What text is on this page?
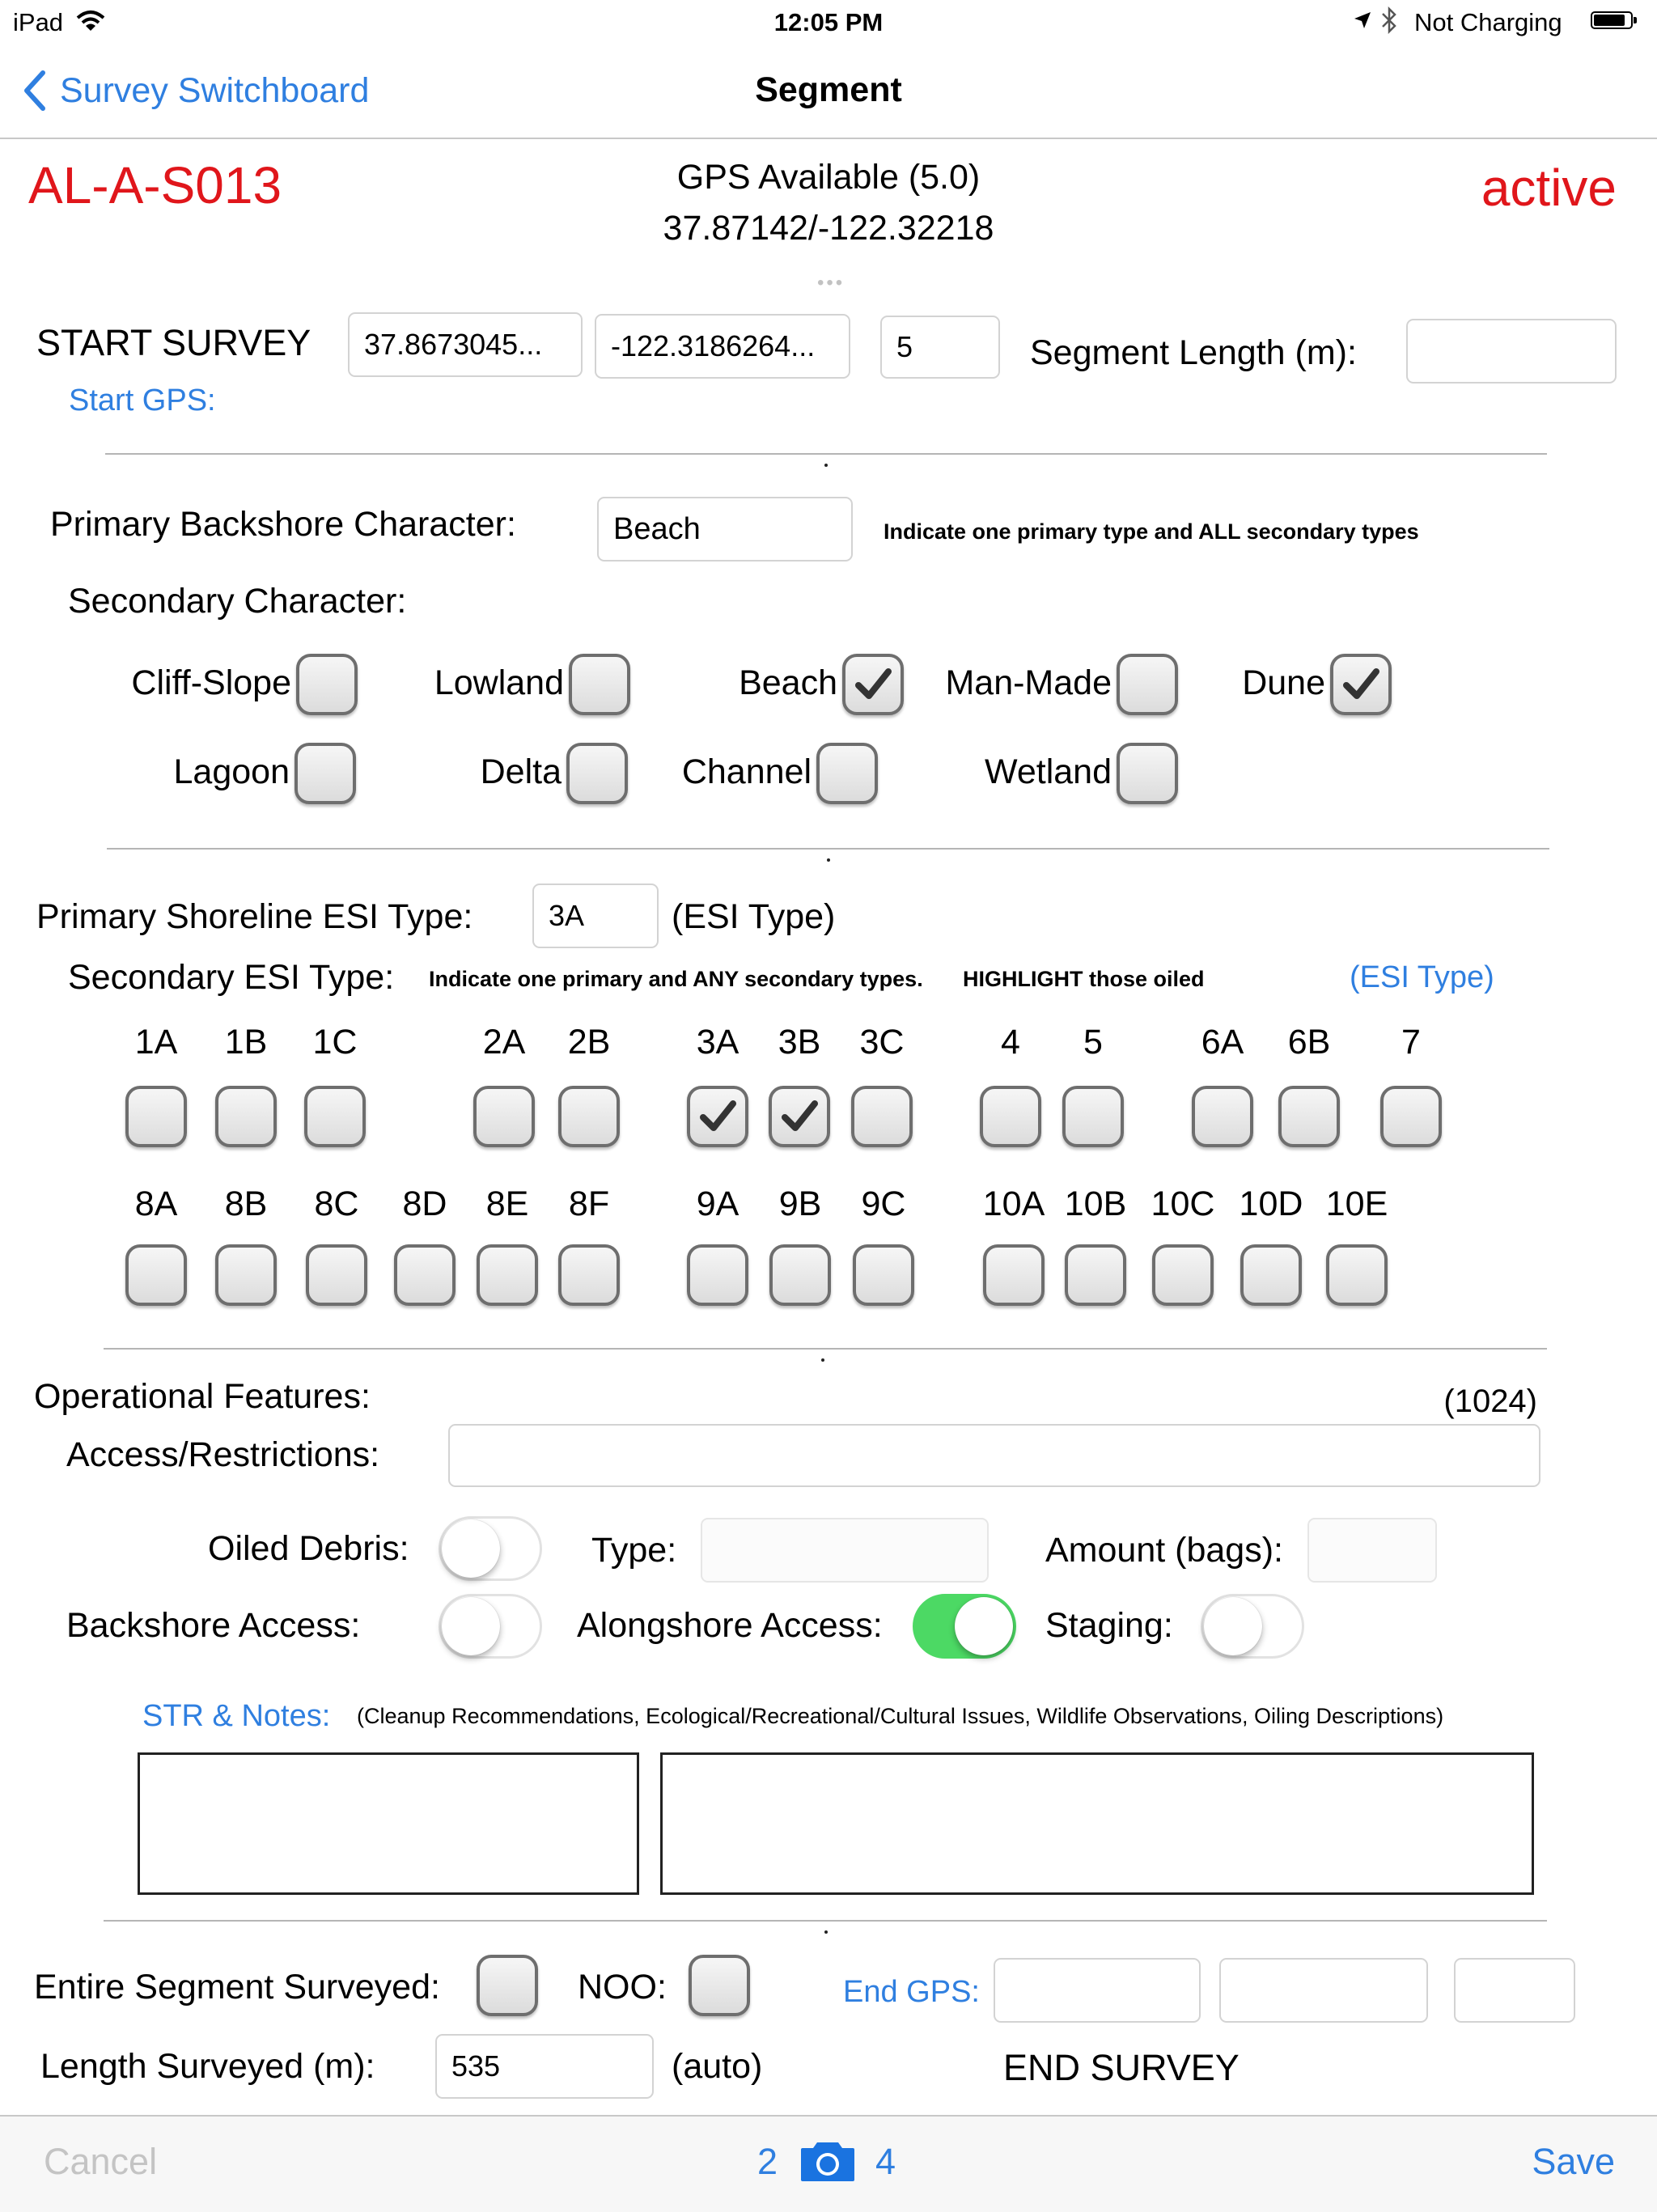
iPad	12:05 PM	Not Charging
Survey Switchboard	Segment
AL-A-S013	GPS Available (5.0)
37.87142/-122.32218
•••
active
START SURVEY
Start GPS:
37.8673045...	-122.3186264...	5	Segment Length (m):
Primary Backshore Character:	Beach	Indicate one primary type and ALL secondary types
Secondary Character:
Cliff-Slope	Lowland	Beach	Man-Made	Dune
Lagoon	Delta	Channel	Wetland
Primary Shoreline ESI Type:	3A	(ESI Type)
Secondary ESI Type: Indicate one primary and ANY secondary types. HIGHLIGHT those oiled	(ESI Type)
1A	1B	1C	2A	2B	3A	3B	3C	4	5	6A	6B	7
8A	8B	8C	8D	8E	8F	9A	9B	9C	10A 10B 10C 10D 10E
Operational Features:	(1024)
Access/Restrictions:
Oiled Debris:	Type:	Amount (bags):
Backshore Access:	Alongshore Access:	Staging:
STR & Notes: (Cleanup Recommendations, Ecological/Recreational/Cultural Issues, Wildlife Observations, Oiling Descriptions)
Entire Segment Surveyed:	NOO:	End GPS:
Length Surveyed (m):	535	(auto)	END SURVEY
Cancel	2	4	Save
